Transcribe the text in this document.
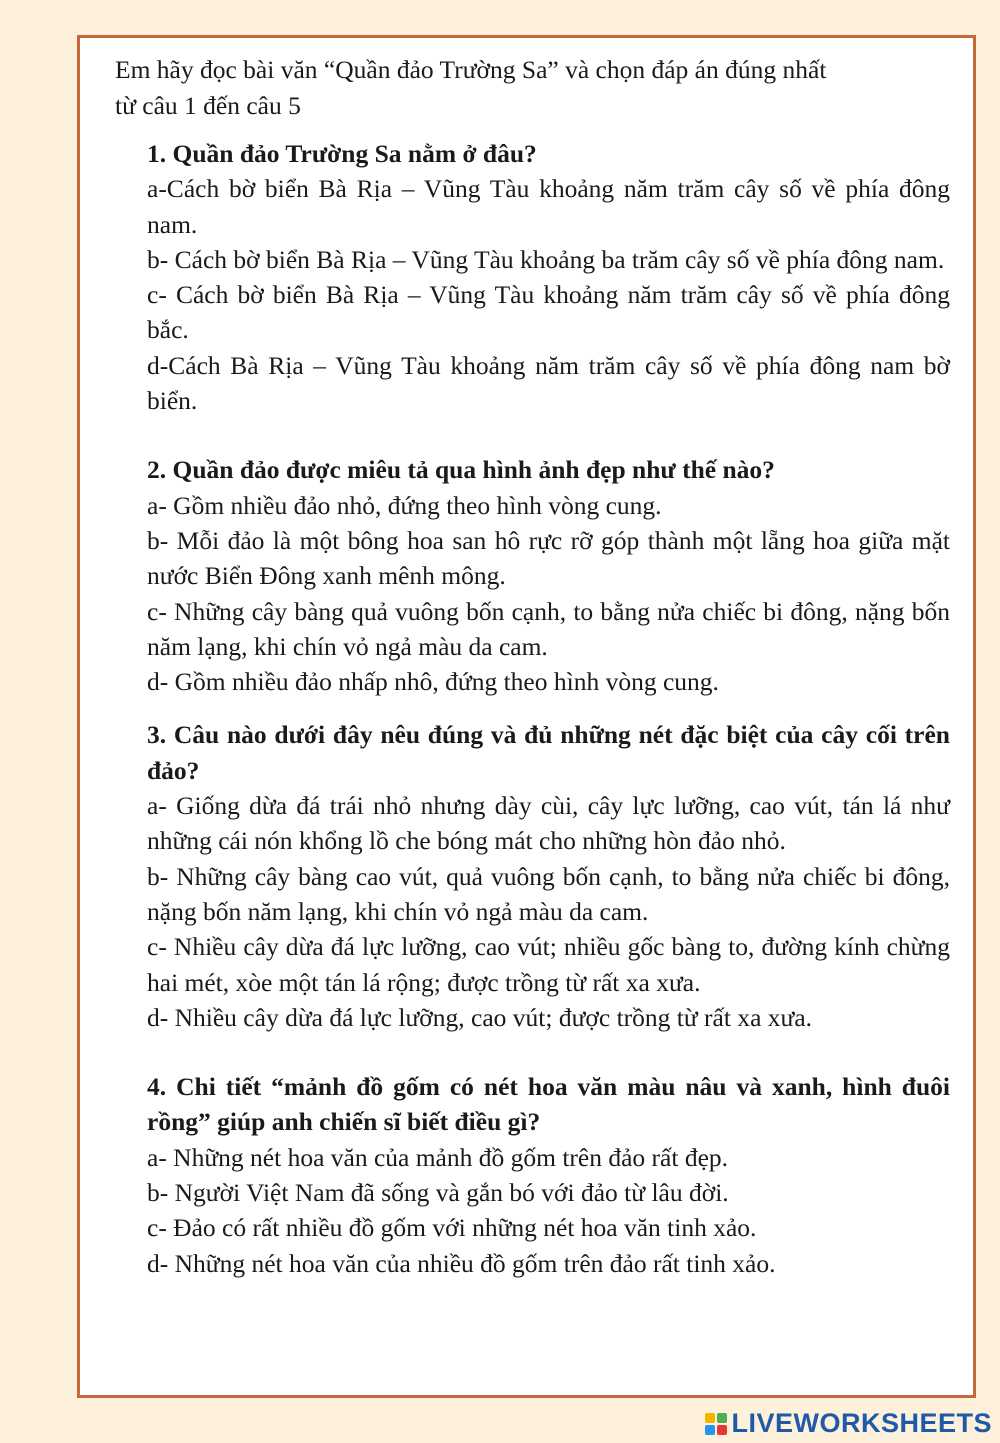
Em hãy đọc bài văn “Quần đảo Trường Sa” và chọn đáp án đúng nhất
từ câu 1 đến câu 5
1. Quần đảo Trường Sa nằm ở đâu?
a-Cách bờ biển Bà Rịa – Vũng Tàu khoảng năm trăm cây số về phía đông nam.
b- Cách bờ biển Bà Rịa – Vũng Tàu khoảng ba trăm cây số về phía đông nam.
c- Cách bờ biển Bà Rịa – Vũng Tàu khoảng năm trăm cây số về phía đông bắc.
d-Cách Bà Rịa – Vũng Tàu khoảng năm trăm cây số về phía đông nam bờ biển.
2. Quần đảo được miêu tả qua hình ảnh đẹp như thế nào?
a- Gồm nhiều đảo nhỏ, đứng theo hình vòng cung.
b- Mỗi đảo là một bông hoa san hô rực rỡ góp thành một lẵng hoa giữa mặt nước Biển Đông xanh mênh mông.
c- Những cây bàng quả vuông bốn cạnh, to bằng nửa chiếc bi đông, nặng bốn năm lạng, khi chín vỏ ngả màu da cam.
d- Gồm nhiều đảo nhấp nhô, đứng theo hình vòng cung.
3. Câu nào dưới đây nêu đúng và đủ những nét đặc biệt của cây cối trên đảo?
a- Giống dừa đá trái nhỏ nhưng dày cùi, cây lực lưỡng, cao vút, tán lá như những cái nón khổng lồ che bóng mát cho những hòn đảo nhỏ.
b- Những cây bàng cao vút, quả vuông bốn cạnh, to bằng nửa chiếc bi đông, nặng bốn năm lạng, khi chín vỏ ngả màu da cam.
c- Nhiều cây dừa đá lực lưỡng, cao vút; nhiều gốc bàng to, đường kính chừng hai mét, xòe một tán lá rộng; được trồng từ rất xa xưa.
d- Nhiều cây dừa đá lực lưỡng, cao vút; được trồng từ rất xa xưa.
4. Chi tiết “mảnh đồ gốm có nét hoa văn màu nâu và xanh, hình đuôi rồng” giúp anh chiến sĩ biết điều gì?
a- Những nét hoa văn của mảnh đồ gốm trên đảo rất đẹp.
b- Người Việt Nam đã sống và gắn bó với đảo từ lâu đời.
c- Đảo có rất nhiều đồ gốm với những nét hoa văn tinh xảo.
d- Những nét hoa văn của nhiều đồ gốm trên đảo rất tinh xảo.
LIVEWORKSHEETS
